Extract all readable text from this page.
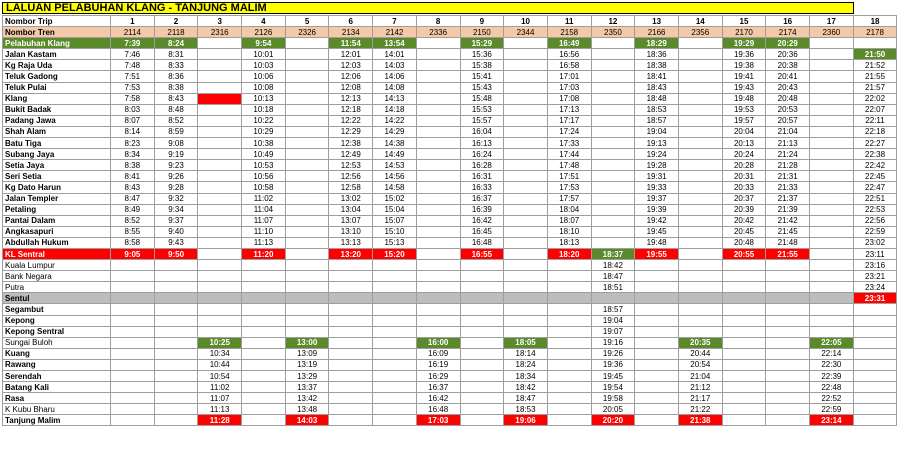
LALUAN PELABUHAN KLANG - TANJUNG MALIM
Nombor Trip	1	2	3	4	5	6	7	8	9	10	11	12	13	14	15	16	17	18
Nombor Tren	2114	2118	2316	2126	2326	2134	2142	2336	2150	2344	2158	2350	2166	2356	2170	2174	2360	2178
Pelabuhan Klang	7:39	8:24		9:54		11:54	13:54		15:29		16:49		18:29		19:29	20:29		
Jalan Kastam	7:46	8:31		10:01		12:01	14:01		15:36		16:56		18:36		19:36	20:36		21:50
Kg Raja Uda	7:48	8:33		10:03		12:03	14:03		15:38		16:58		18:38		19:38	20:38		21:52
Teluk Gadong	7:51	8:36		10:06		12:06	14:06		15:41		17:01		18:41		19:41	20:41		21:55
Teluk Pulai	7:53	8:38		10:08		12:08	14:08		15:43		17:03		18:43		19:43	20:43		21:57
Klang	7:58	8:43		10:13		12:13	14:13		15:48		17:08		18:48		19:48	20:48		22:02
Bukit Badak	8:03	8:48		10:18		12:18	14:18		15:53		17:13		18:53		19:53	20:53		22:07
Padang Jawa	8:07	8:52		10:22		12:22	14:22		15:57		17:17		18:57		19:57	20:57		22:11
Shah Alam	8:14	8:59		10:29		12:29	14:29		16:04		17:24		19:04		20:04	21:04		22:18
Batu Tiga	8:23	9:08		10:38		12:38	14:38		16:13		17:33		19:13		20:13	21:13		22:27
Subang Jaya	8:34	9:19		10:49		12:49	14:49		16:24		17:44		19:24		20:24	21:24		22:38
Setia Jaya	8:38	9:23		10:53		12:53	14:53		16:28		17:48		19:28		20:28	21:28		22:42
Seri Setia	8:41	9:26		10:56		12:56	14:56		16:31		17:51		19:31		20:31	21:31		22:45
Kg Dato Harun	8:43	9:28		10:58		12:58	14:58		16:33		17:53		19:33		20:33	21:33		22:47
Jalan Templer	8:47	9:32		11:02		13:02	15:02		16:37		17:57		19:37		20:37	21:37		22:51
Petaling	8:49	9:34		11:04		13:04	15:04		16:39		18:04		19:39		20:39	21:39		22:53
Pantai Dalam	8:52	9:37		11:07		13:07	15:07		16:42		18:07		19:42		20:42	21:42		22:56
Angkasapuri	8:55	9:40		11:10		13:10	15:10		16:45		18:10		19:45		20:45	21:45		22:59
Abdullah Hukum	8:58	9:43		11:13		13:13	15:13		16:48		18:13		19:48		20:48	21:48		23:02
KL Sentral	9:05	9:50		11:20		13:20	15:20		16:55		18:20	18:37	19:55		20:55	21:55		23:11
Kuala Lumpur												18:42						23:16
Bank Negara												18:47						23:21
Putra												18:51						23:24
Sentul																		23:31
Segambut												18:57						
Kepong												19:04						
Kepong Sentral												19:07						
Sungai Buloh			10:25		13:00			16:00		18:05		19:16		20:35			22:05	
Kuang			10:34		13:09			16:09		18:14		19:26		20:44			22:14	
Rawang			10:44		13:19			16:19		18:24		19:36		20:54			22:30	
Serendah			10:54		13:29			16:29		18:34		19:45		21:04			22:39	
Batang Kali			11:02		13:37			16:37		18:42		19:54		21:12			22:48	
Rasa			11:07		13:42			16:42		18:47		19:58		21:17			22:52	
K Kubu Bharu			11:13		13:48			16:48		18:53		20:05		21:22			22:59	
Tanjung Malim			11:28		14:03			17:03		19:06		20:20		21:38			23:14	
